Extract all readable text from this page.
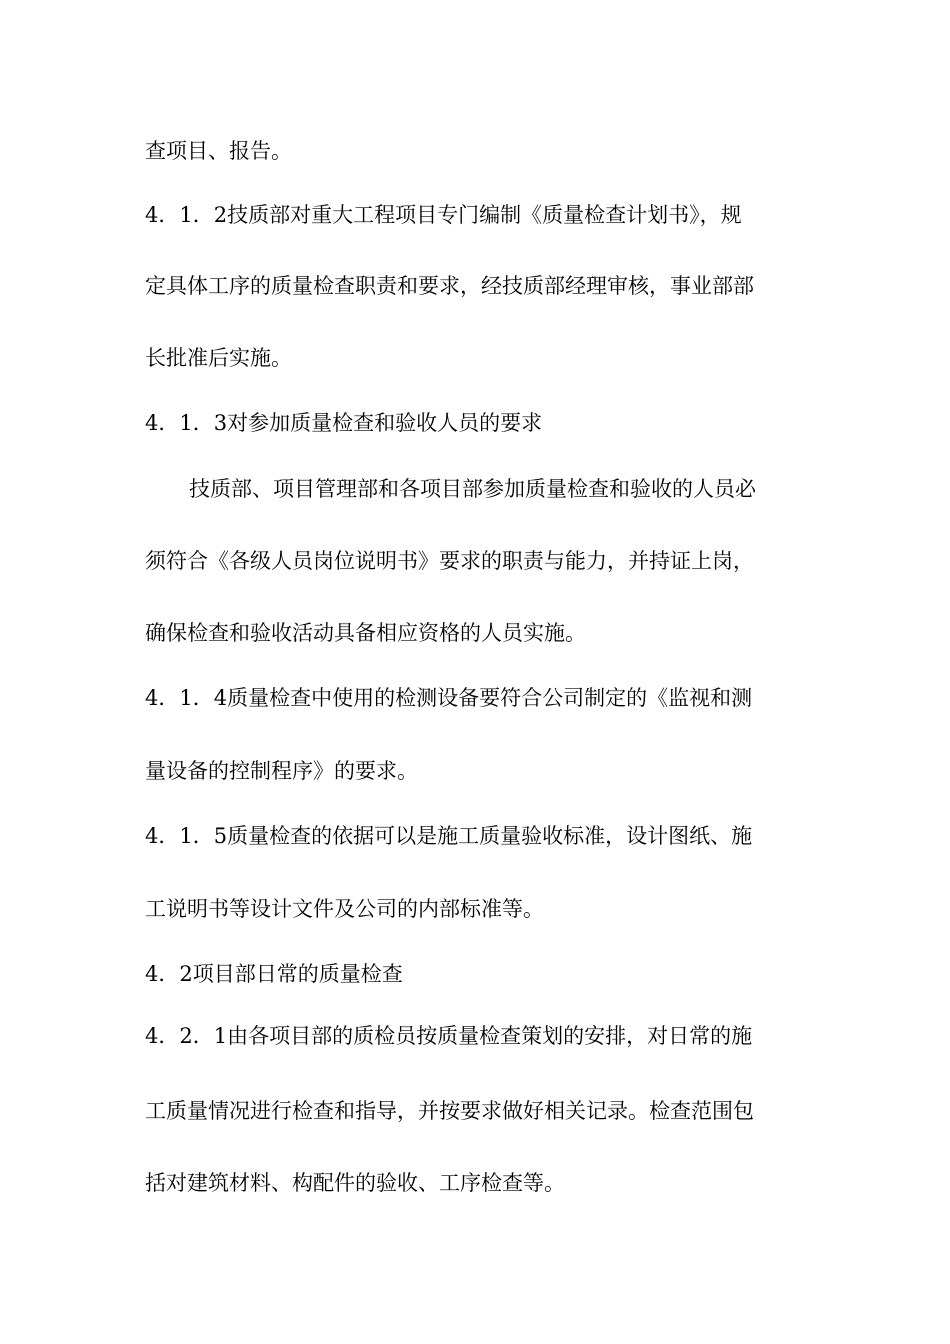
查项目、报告。
4．1．2技质部对重大工程项目专门编制《质量检查计划书》，规
定具体工序的质量检查职责和要求，经技质部经理审核，事业部部
长批准后实施。
4．1．3对参加质量检查和验收人员的要求
技质部、项目管理部和各项目部参加质量检查和验收的人员必
须符合《各级人员岗位说明书》要求的职责与能力，并持证上岗，
确保检查和验收活动具备相应资格的人员实施。
4．1．4质量检查中使用的检测设备要符合公司制定的《监视和测
量设备的控制程序》的要求。
4．1．5质量检查的依据可以是施工质量验收标准，设计图纸、施
工说明书等设计文件及公司的内部标准等。
4．2项目部日常的质量检查
4．2．1由各项目部的质检员按质量检查策划的安排，对日常的施
工质量情况进行检查和指导，并按要求做好相关记录。检查范围包
括对建筑材料、构配件的验收、工序检查等。
